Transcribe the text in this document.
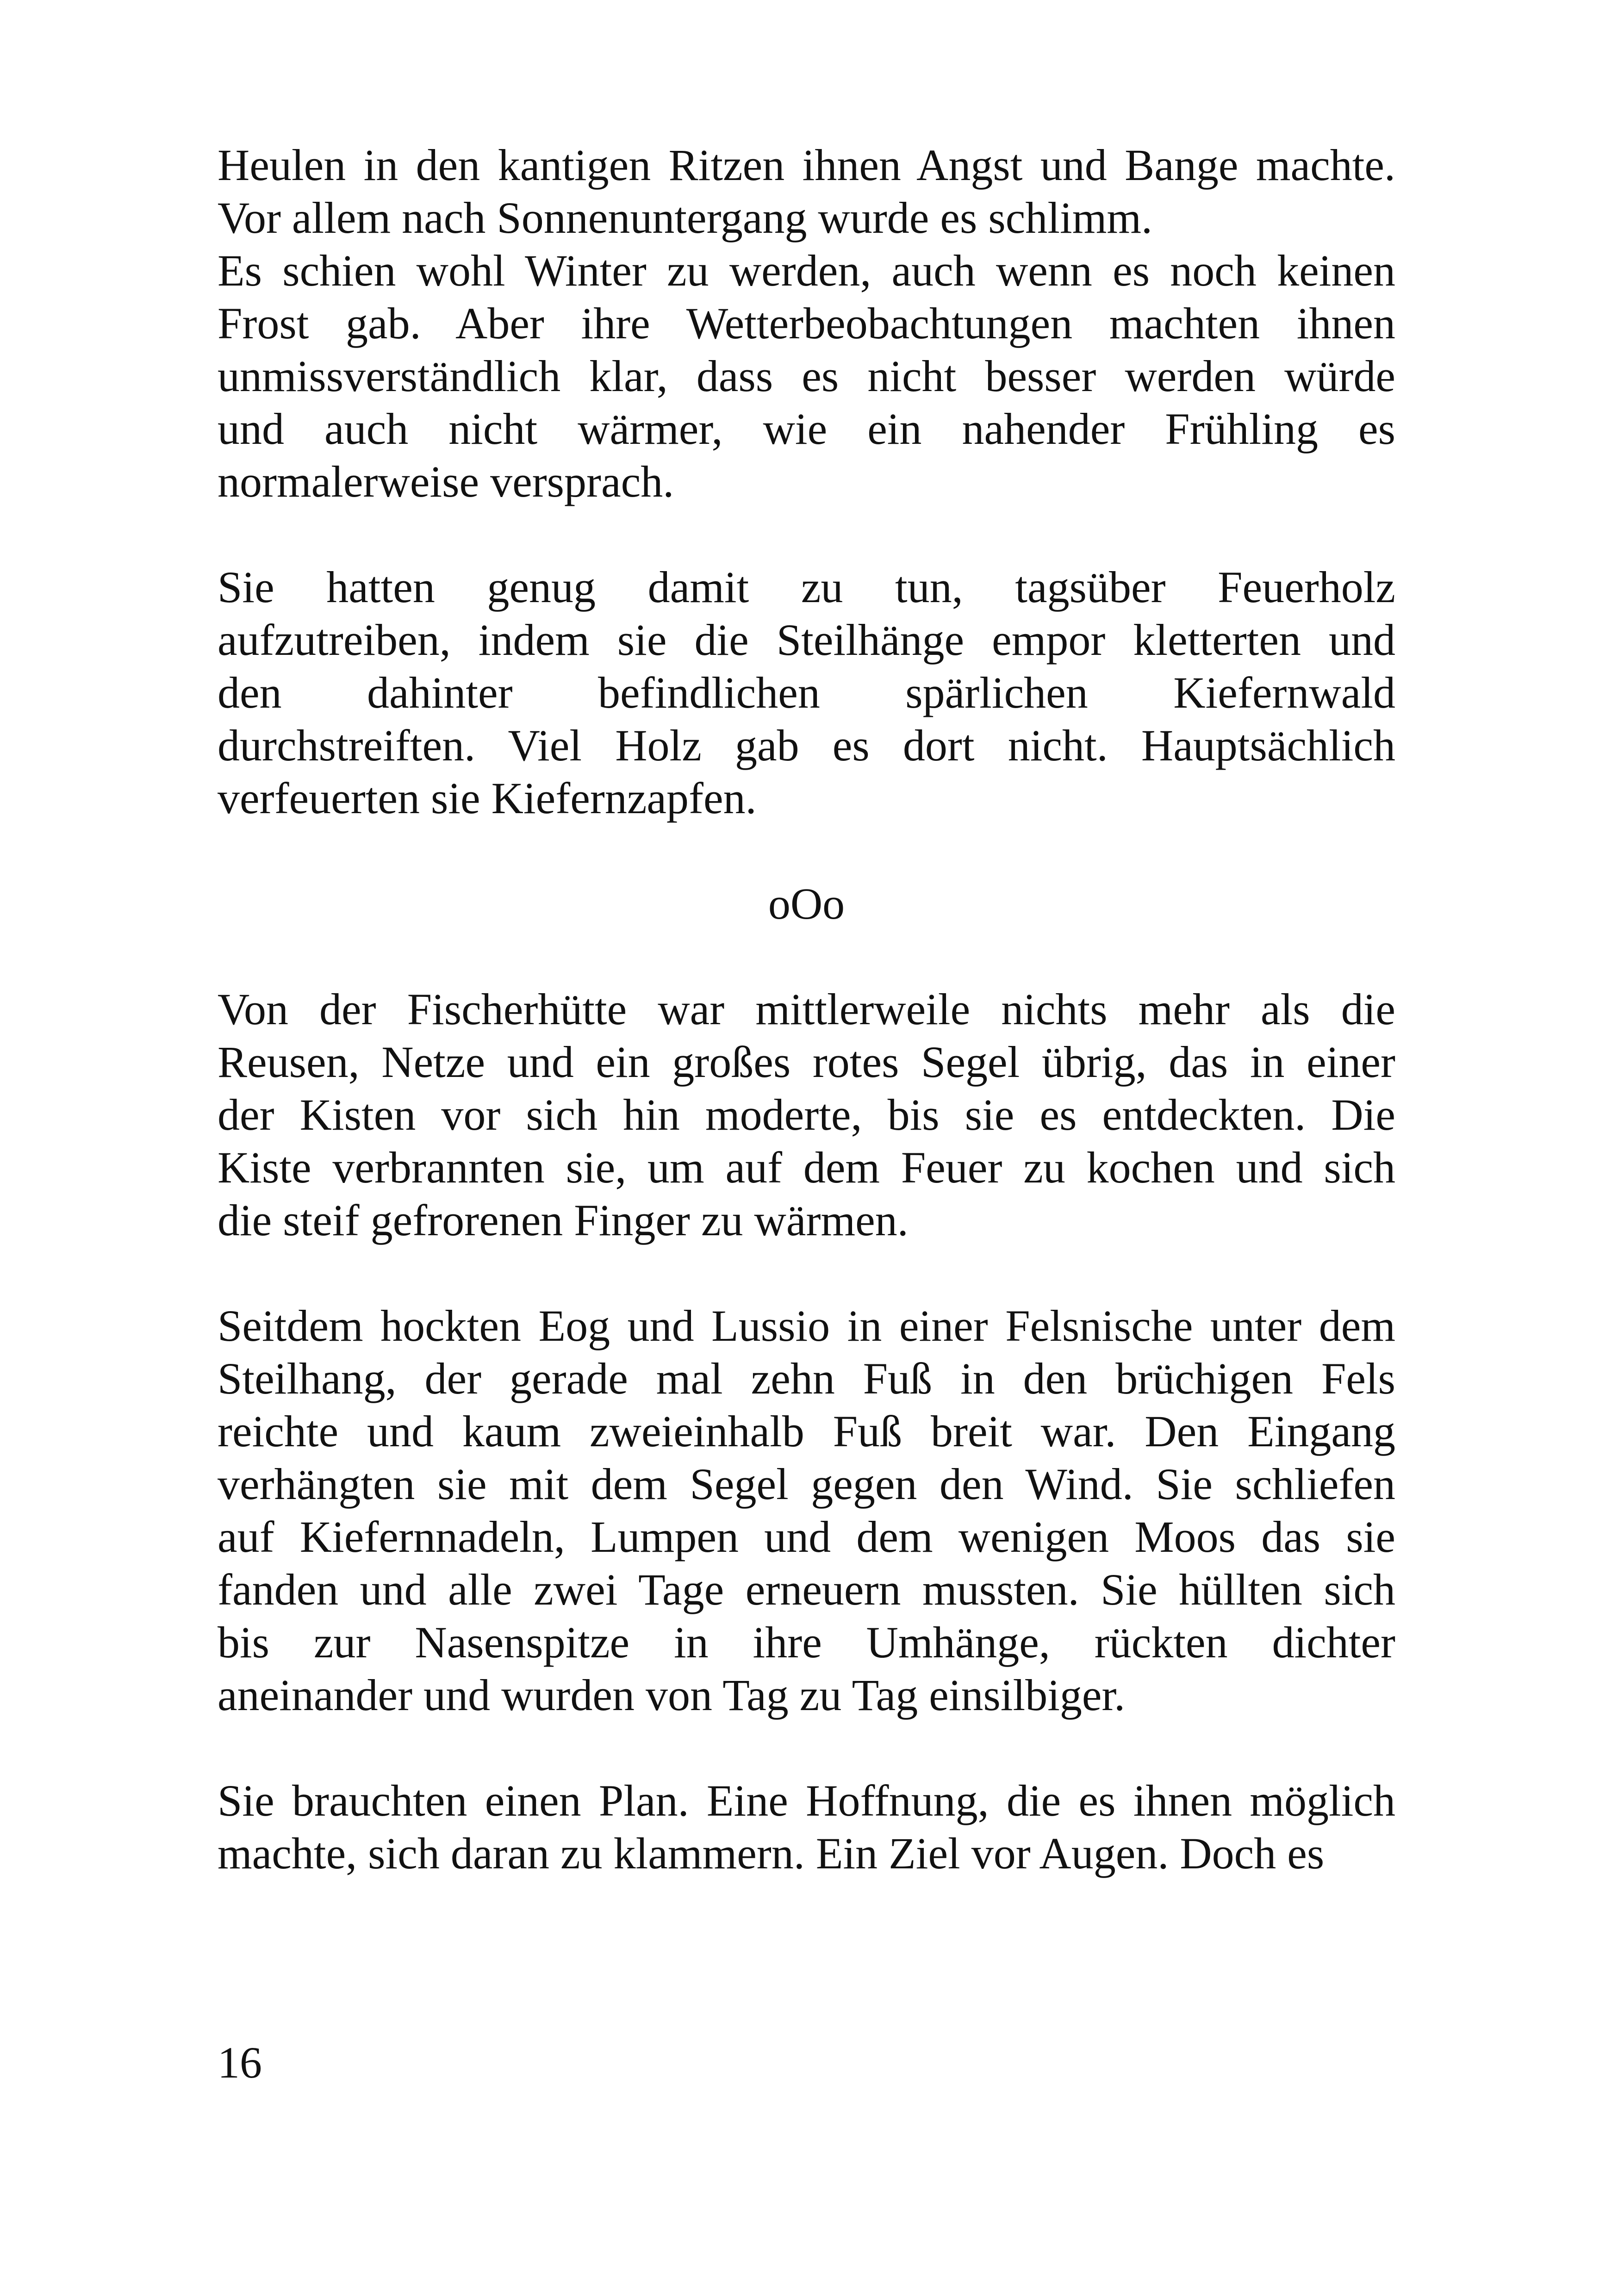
Heulen in den kantigen Ritzen ihnen Angst und Bange machte.
Vor allem nach Sonnenuntergang wurde es schlimm.
Es schien wohl Winter zu werden, auch wenn es noch keinen
Frost gab. Aber ihre Wetterbeobachtungen machten ihnen
unmissverständlich klar, dass es nicht besser werden würde
und auch nicht wärmer, wie ein nahender Frühling es
normalerweise versprach.
Sie hatten genug damit zu tun, tagsüber Feuerholz
aufzutreiben, indem sie die Steilhänge empor kletterten und
den dahinter befindlichen spärlichen Kiefernwald
durchstreiften. Viel Holz gab es dort nicht. Hauptsächlich
verfeuerten sie Kiefernzapfen.

oOo

Von der Fischerhütte war mittlerweile nichts mehr als die
Reusen, Netze und ein großes rotes Segel übrig, das in einer
der Kisten vor sich hin moderte, bis sie es entdeckten. Die
Kiste verbrannten sie, um auf dem Feuer zu kochen und sich
die steif gefrorenen Finger zu wärmen.
Seitdem hockten Eog und Lussio in einer Felsnische unter dem
Steilhang, der gerade mal zehn Fuß in den brüchigen Fels
reichte und kaum zweieinhalb Fuß breit war. Den Eingang
verhängten sie mit dem Segel gegen den Wind. Sie schliefen
auf Kiefernnadeln, Lumpen und dem wenigen Moos das sie
fanden und alle zwei Tage erneuern mussten. Sie hüllten sich
bis zur Nasenspitze in ihre Umhänge, rückten dichter
aneinander und wurden von Tag zu Tag einsilbiger.
Sie brauchten einen Plan. Eine Hoffnung, die es ihnen möglich
machte, sich daran zu klammern. Ein Ziel vor Augen. Doch es
16
